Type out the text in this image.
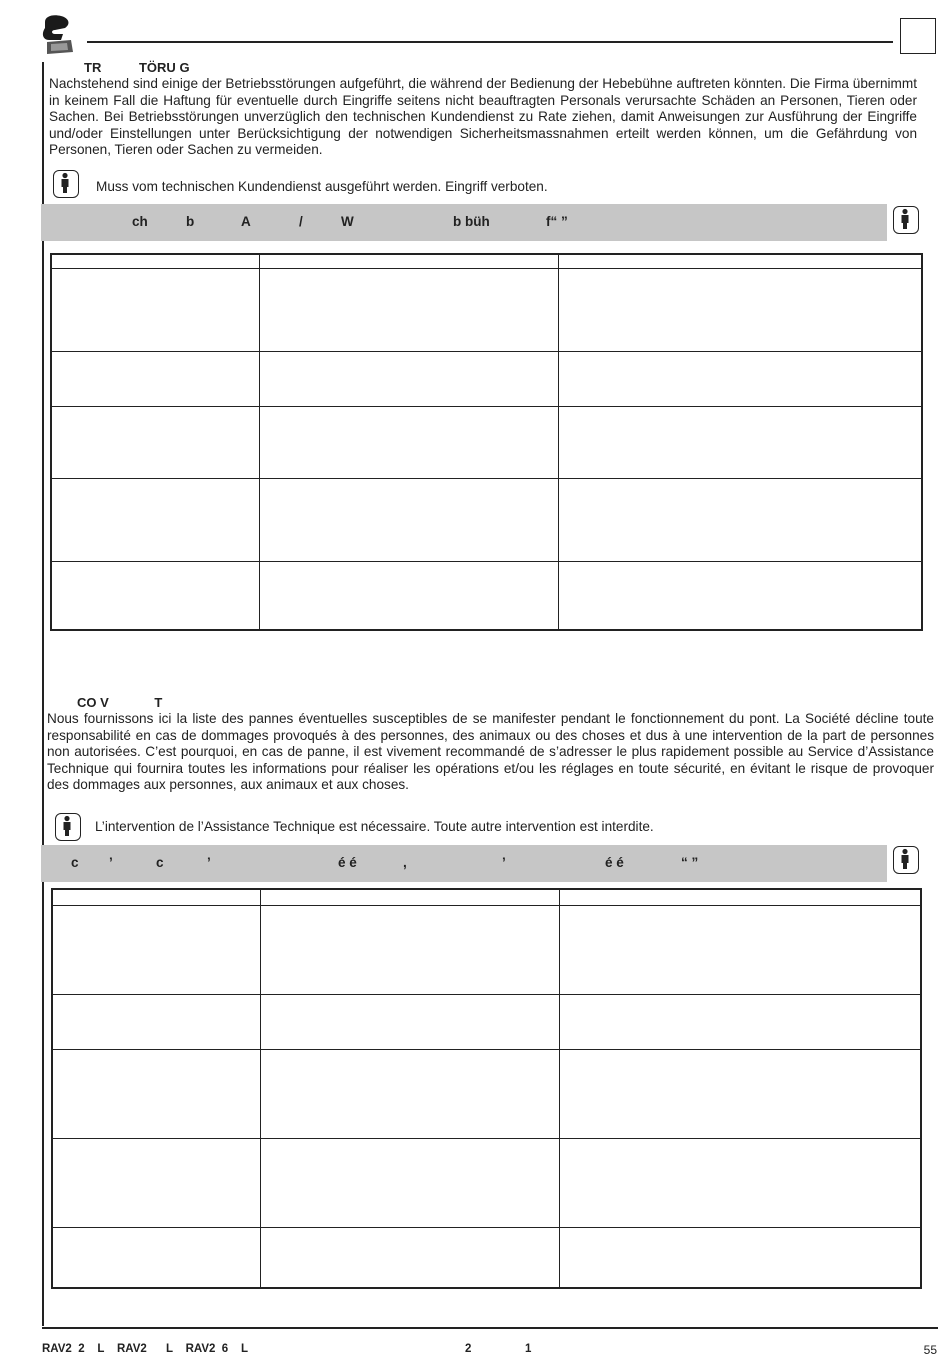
TR	TÖRU G
Nachstehend sind einige der Betriebsstörungen aufgeführt, die während der Bedienung der Hebebühne auftreten könnten. Die Firma übernimmt in keinem Fall die Haftung für eventuelle durch Eingriffe seitens nicht beauftragten Personals verursachte Schäden an Personen, Tieren oder Sachen. Bei Betriebsstörungen unverzüglich den technischen Kundendienst zu Rate ziehen, damit Anweisungen zur Ausführung der Eingriffe und/oder Einstellungen unter Berücksichtigung der notwendigen Sicherheitsmassnahmen erteilt werden können, um die Gefährdung von Personen, Tieren oder Sachen zu vermeiden.
Muss vom technischen Kundendienst ausgeführt werden. Eingriff verboten.
ch	b	A	/	W	b büh	f“ ”

CO V	T
Nous fournissons ici la liste des pannes éventuelles susceptibles de se manifester pendant le fonctionnement du pont. La Société décline toute responsabilité en cas de dommages provoqués à des personnes, des animaux ou des choses et dus à une intervention de la part de personnes non autorisées. C’est pourquoi, en cas de panne, il est vivement recommandé de s’adresser le plus rapidement possible au Service d’Assistance Technique qui fournira toutes les informations pour réaliser les opérations et/ou les réglages en toute sécurité, en évitant le risque de provoquer des dommages aux personnes, aux animaux et aux choses.
L’intervention de l’Assistance Technique est nécessaire. Toute autre intervention est interdite.
c ’	c	’	é é	,	’	é é	“ ”

RAV2  2    L    RAV2      L    RAV2  6    L	2	1	55
